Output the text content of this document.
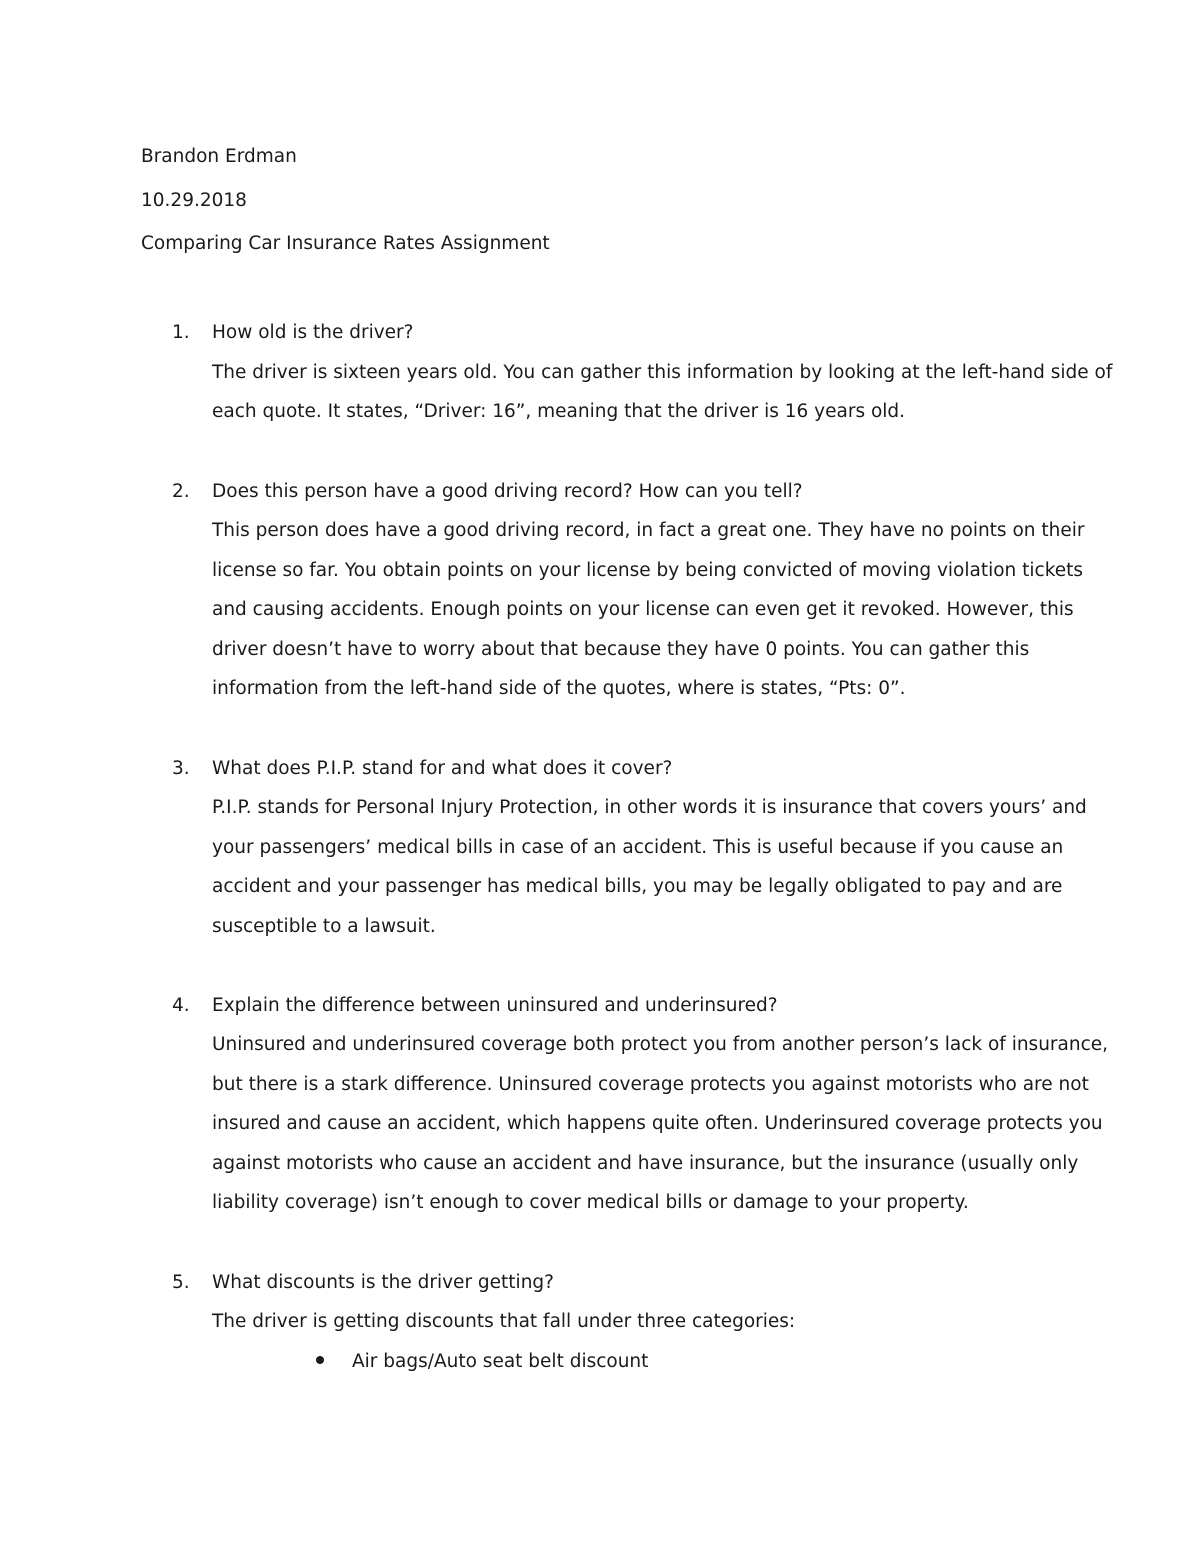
Brandon Erdman
10.29.2018
Comparing Car Insurance Rates Assignment
1. How old is the driver?
The driver is sixteen years old. You can gather this information by looking at the left-hand side of
each quote. It states, “Driver: 16”, meaning that the driver is 16 years old.
2. Does this person have a good driving record? How can you tell?
This person does have a good driving record, in fact a great one. They have no points on their
license so far. You obtain points on your license by being convicted of moving violation tickets
and causing accidents. Enough points on your license can even get it revoked. However, this
driver doesn’t have to worry about that because they have 0 points. You can gather this
information from the left-hand side of the quotes, where is states, “Pts: 0”.
3. What does P.I.P. stand for and what does it cover?
P.I.P. stands for Personal Injury Protection, in other words it is insurance that covers yours’ and
your passengers’ medical bills in case of an accident. This is useful because if you cause an
accident and your passenger has medical bills, you may be legally obligated to pay and are
susceptible to a lawsuit.
4. Explain the difference between uninsured and underinsured?
Uninsured and underinsured coverage both protect you from another person’s lack of insurance,
but there is a stark difference. Uninsured coverage protects you against motorists who are not
insured and cause an accident, which happens quite often. Underinsured coverage protects you
against motorists who cause an accident and have insurance, but the insurance (usually only
liability coverage) isn’t enough to cover medical bills or damage to your property.
5. What discounts is the driver getting?
The driver is getting discounts that fall under three categories:
Air bags/Auto seat belt discount
